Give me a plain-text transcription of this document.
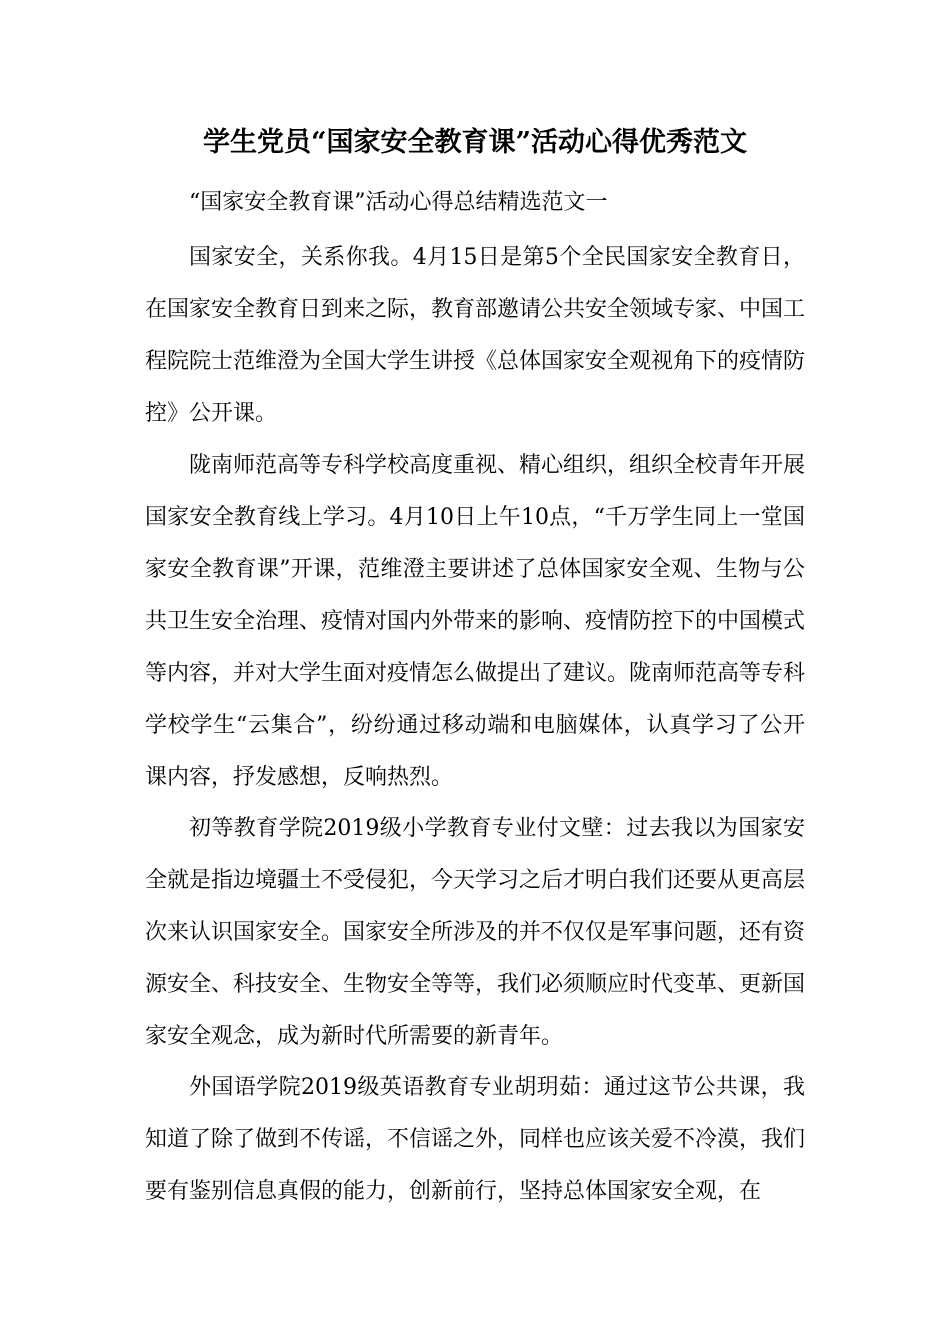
学生党员“国家安全教育课”活动心得优秀范文
“国家安全教育课”活动心得总结精选范文一

国家安全，关系你我。4月15日是第5个全民国家安全教育日，在国家安全教育日到来之际，教育部邀请公共安全领域专家、中国工程院院士范维澄为全国大学生讲授《总体国家安全观视角下的疫情防控》公开课。

陇南师范高等专科学校高度重视、精心组织，组织全校青年开展国家安全教育线上学习。4月10日上午10点，“千万学生同上一堂国家安全教育课”开课，范维澄主要讲述了总体国家安全观、生物与公共卫生安全治理、疫情对国内外带来的影响、疫情防控下的中国模式等内容，并对大学生面对疫情怎么做提出了建议。陇南师范高等专科学校学生“云集合”，纷纷通过移动端和电脑媒体，认真学习了公开课内容，抒发感想，反响热烈。

初等教育学院2019级小学教育专业付文壁：过去我以为国家安全就是指边境疆土不受侵犯，今天学习之后才明白我们还要从更高层次来认识国家安全。国家安全所涉及的并不仅仅是军事问题，还有资源安全、科技安全、生物安全等等，我们必须顺应时代变革、更新国家安全观念，成为新时代所需要的新青年。

外国语学院2019级英语教育专业胡玥茹：通过这节公共课，我知道了除了做到不传谣，不信谣之外，同样也应该关爱不冷漠，我们要有鉴别信息真假的能力，创新前行，坚持总体国家安全观，在
